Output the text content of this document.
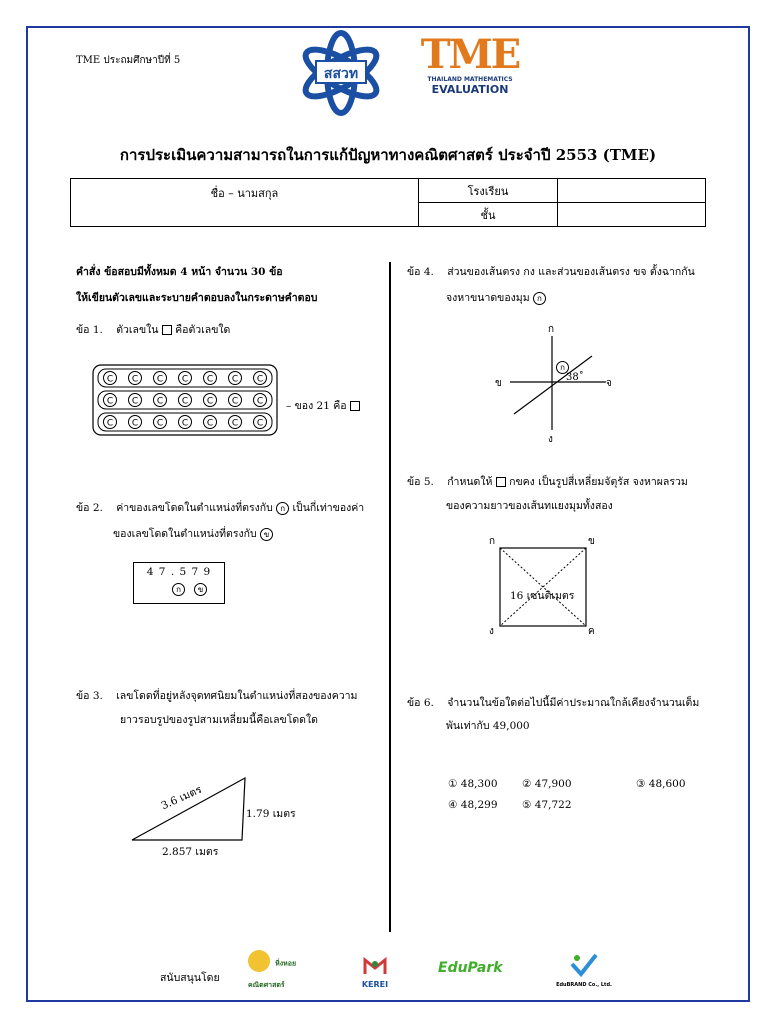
TME ประถมศึกษาปีที่ 5
สสวท TME
THAILAND MATHEMATICS
EVALUATION
การประเมินความสามารถในการแก้ปัญหาทางคณิตศาสตร์ ประจำปี 2553 (TME)
ชื่อ – นามสกุล	โรงเรียน	
	ชั้น	
คำสั่ง ข้อสอบมีทั้งหมด 4 หน้า จำนวน 30 ข้อ
ให้เขียนตัวเลขและระบายคำตอบลงในกระดาษคำตอบ
ข้อ 1. ตัวเลขใน คือตัวเลขใด
C C C C C C C
C C C C C C C
C C C C C C C
– ของ 21 คือ
ข้อ 2. ค่าของเลขโดดในตำแหน่งที่ตรงกับ ก เป็นกี่เท่าของค่า
ของเลขโดดในตำแหน่งที่ตรงกับ ข
4 7 . 5 7 9
ก	ข
ข้อ 3. เลขโดดที่อยู่หลังจุดทศนิยมในตำแหน่งที่สองของความ
ยาวรอบรูปของรูปสามเหลี่ยมนี้คือเลขโดดใด
3.6 เมตร
1.79 เมตร
2.857 เมตร
ข้อ 4. ส่วนของเส้นตรง กง และส่วนของเส้นตรง ขจ ตั้งฉากกัน
จงหาขนาดของมุม ก
ก
ข	จ
ง
ก
38˚
ข้อ 5. กำหนดให้ กขคง เป็นรูปสี่เหลี่ยมจัตุรัส จงหาผลรวม
ของความยาวของเส้นทแยงมุมทั้งสอง
ก	ข
ง	ค
16 เซนติเมตร
ข้อ 6. จำนวนในข้อใดต่อไปนี้มีค่าประมาณใกล้เคียงจำนวนเต็ม
พันเท่ากับ 49,000
① 48,300 ② 47,900	③ 48,600
④ 48,299 ⑤ 47,722
สนับสนุนโดย
หิ่งหอยคณิตศาสตร์	KEREI
EduPark
EduBRAND Co., Ltd.
